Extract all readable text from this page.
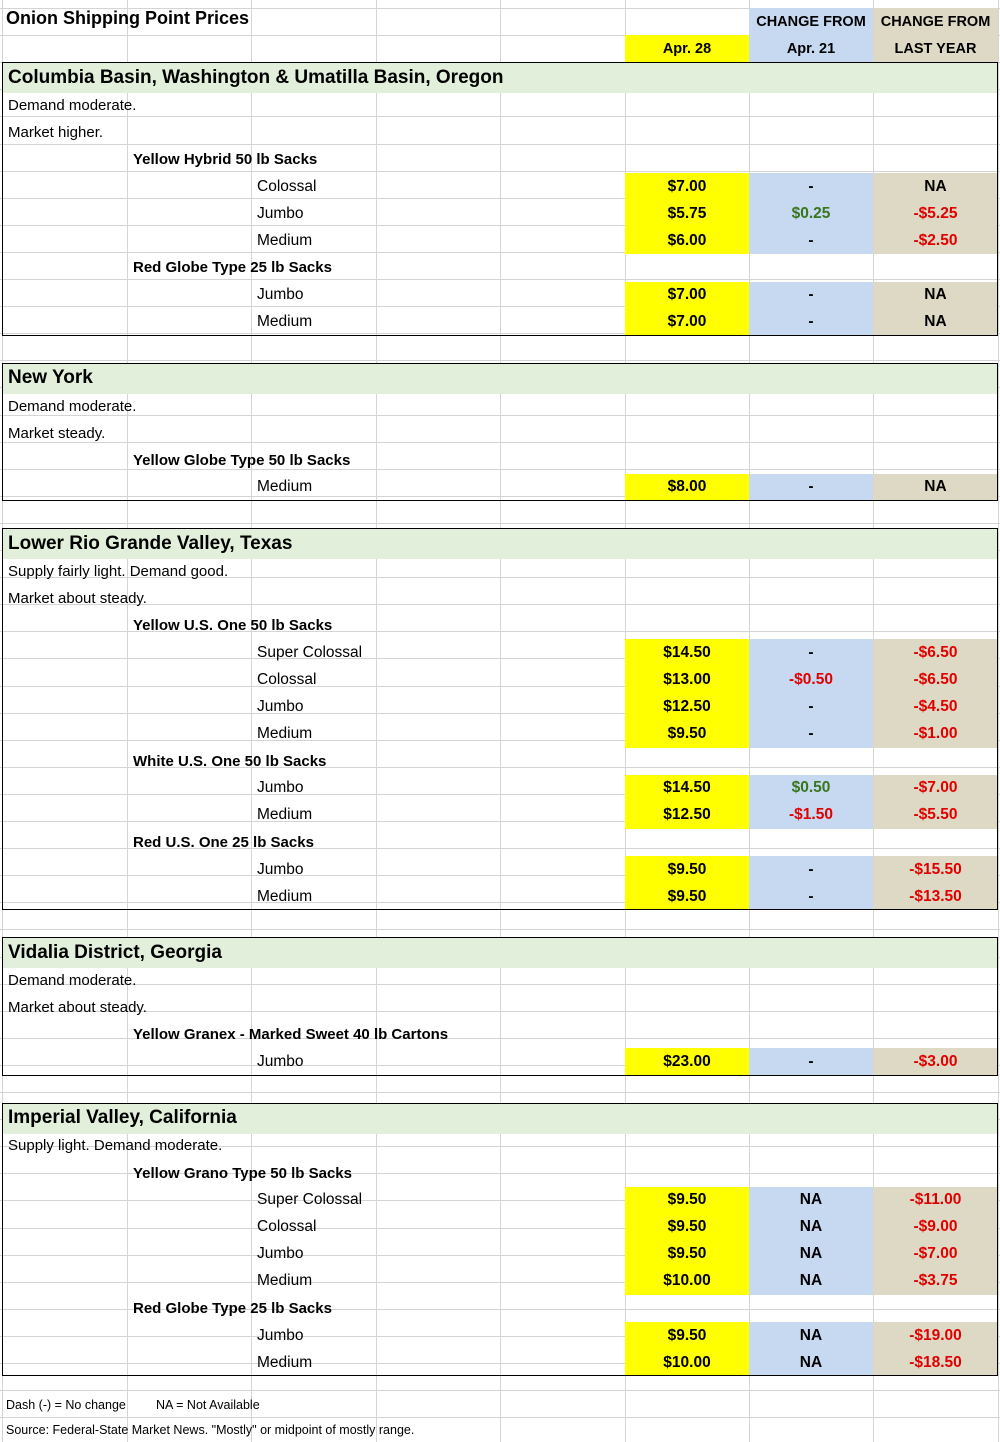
Onion Shipping Point Prices	CHANGE FROM	CHANGE FROM
Apr. 28	Apr. 21	LAST YEAR
Dash (-) = No change	NA = Not Available
Source: Federal-State Market News. "Mostly" or midpoint of mostly range.
Columbia Basin, Washington & Umatilla Basin, Oregon
Demand moderate.
Market higher.
Yellow Hybrid 50 lb Sacks
Colossal	$7.00	-	NA
Jumbo	$5.75	$0.25	-$5.25
Medium	$6.00	-	-$2.50
Red Globe Type 25 lb Sacks
Jumbo	$7.00	-	NA
Medium	$7.00	-	NA
New York
Demand moderate.
Market steady.
Yellow Globe Type 50 lb Sacks
Medium	$8.00	-	NA
Lower Rio Grande Valley, Texas
Supply fairly light. Demand good.
Market about steady.
Yellow U.S. One 50 lb Sacks
Super Colossal	$14.50	-	-$6.50
Colossal	$13.00	-$0.50	-$6.50
Jumbo	$12.50	-	-$4.50
Medium	$9.50	-	-$1.00
White U.S. One 50 lb Sacks
Jumbo	$14.50	$0.50	-$7.00
Medium	$12.50	-$1.50	-$5.50
Red U.S. One 25 lb Sacks
Jumbo	$9.50	-	-$15.50
Medium	$9.50	-	-$13.50
Vidalia District, Georgia
Demand moderate.
Market about steady.
Yellow Granex - Marked Sweet 40 lb Cartons
Jumbo	$23.00	-	-$3.00
Imperial Valley, California
Supply light. Demand moderate.
Yellow Grano Type 50 lb Sacks
Super Colossal	$9.50	NA	-$11.00
Colossal	$9.50	NA	-$9.00
Jumbo	$9.50	NA	-$7.00
Medium	$10.00	NA	-$3.75
Red Globe Type 25 lb Sacks
Jumbo	$9.50	NA	-$19.00
Medium	$10.00	NA	-$18.50
